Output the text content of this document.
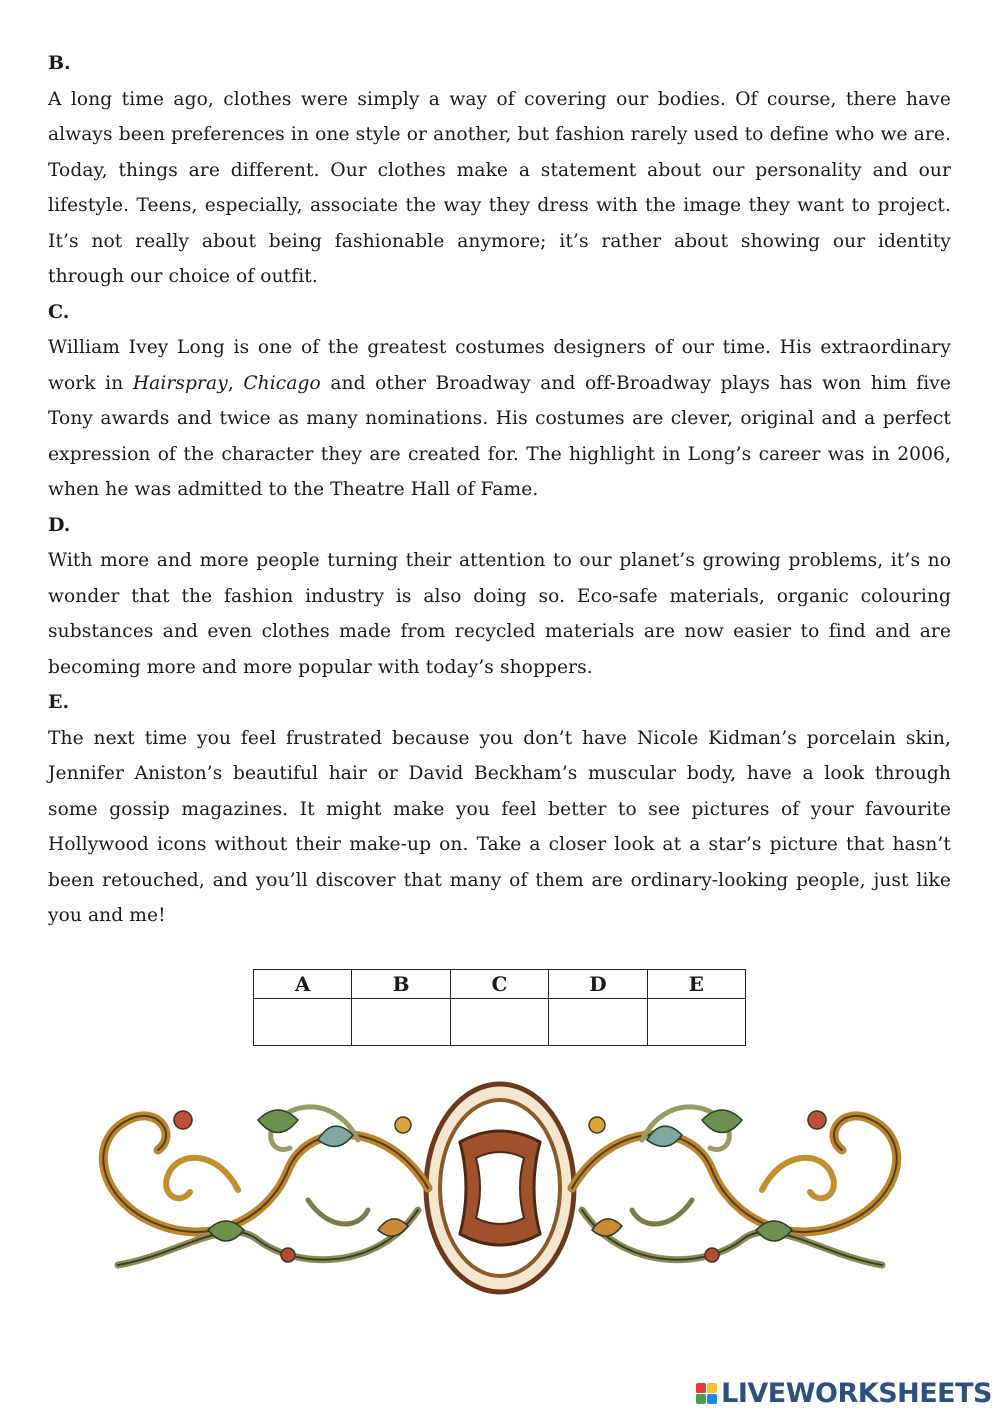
B.

A long time ago, clothes were simply a way of covering our bodies. Of course, there have always been preferences in one style or another, but fashion rarely used to define who we are. Today, things are different. Our clothes make a statement about our personality and our lifestyle. Teens, especially, associate the way they dress with the image they want to project. It’s not really about being fashionable anymore; it’s rather about showing our identity through our choice of outfit.

C.

William Ivey Long is one of the greatest costumes designers of our time. His extraordinary work in Hairspray, Chicago and other Broadway and off-Broadway plays has won him five Tony awards and twice as many nominations. His costumes are clever, original and a perfect expression of the character they are created for. The highlight in Long’s career was in 2006, when he was admitted to the Theatre Hall of Fame.

D.

With more and more people turning their attention to our planet’s growing problems, it’s no wonder that the fashion industry is also doing so. Eco-safe materials, organic colouring substances and even clothes made from recycled materials are now easier to find and are becoming more and more popular with today’s shoppers.

E.

The next time you feel frustrated because you don’t have Nicole Kidman’s porcelain skin, Jennifer Aniston’s beautiful hair or David Beckham’s muscular body, have a look through some gossip magazines. It might make you feel better to see pictures of your favourite Hollywood icons without their make-up on. Take a closer look at a star’s picture that hasn’t been retouched, and you’ll discover that many of them are ordinary-looking people, just like you and me!

A	B	C	D	E

LIVEWORKSHEETS
